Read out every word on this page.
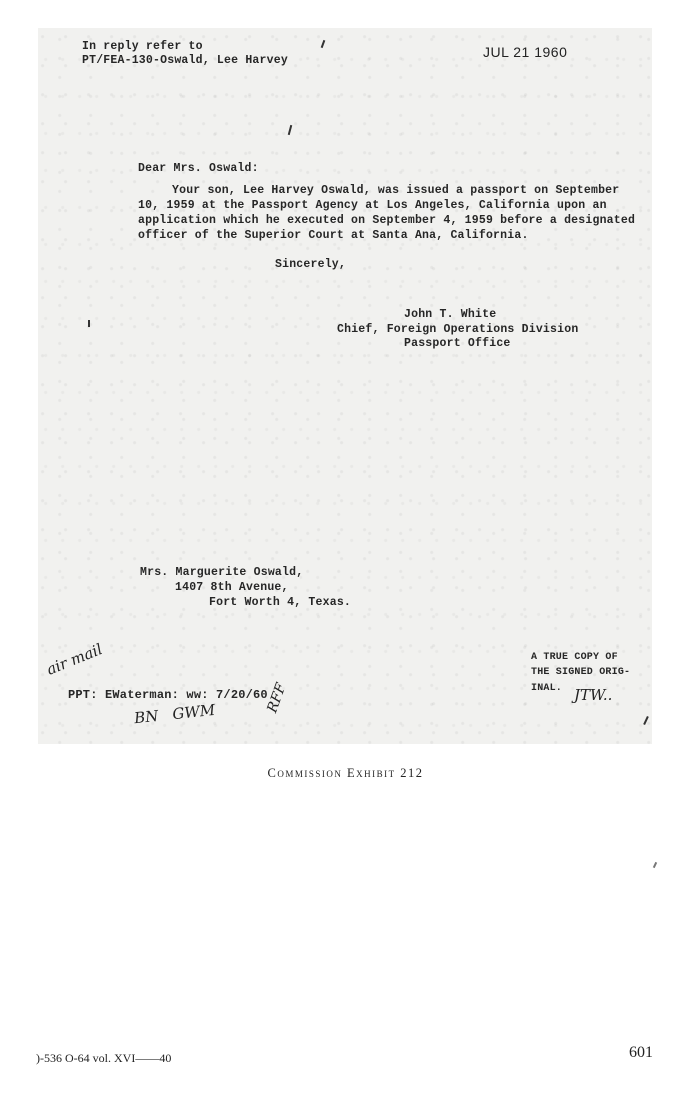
In reply refer to
PT/FEA-130-Oswald, Lee Harvey
JUL 21 1960
Dear Mrs. Oswald:
Your son, Lee Harvey Oswald, was issued a passport on September
10, 1959 at the Passport Agency at Los Angeles, California upon an
application which he executed on September 4, 1959 before a designated
officer of the Superior Court at Santa Ana, California.
Sincerely,
John T. White
Chief, Foreign Operations Division
Passport Office
Mrs. Marguerite Oswald,
1407 8th Avenue,
Fort Worth 4, Texas.
A TRUE COPY OF
THE SIGNED ORIG-
INAL. JTW..
PPT: EWaterman: ww: 7/20/60
air mail
BN   GWM	RFF
Commission Exhibit 212
)-536 O-64 vol. XVI——40	601
